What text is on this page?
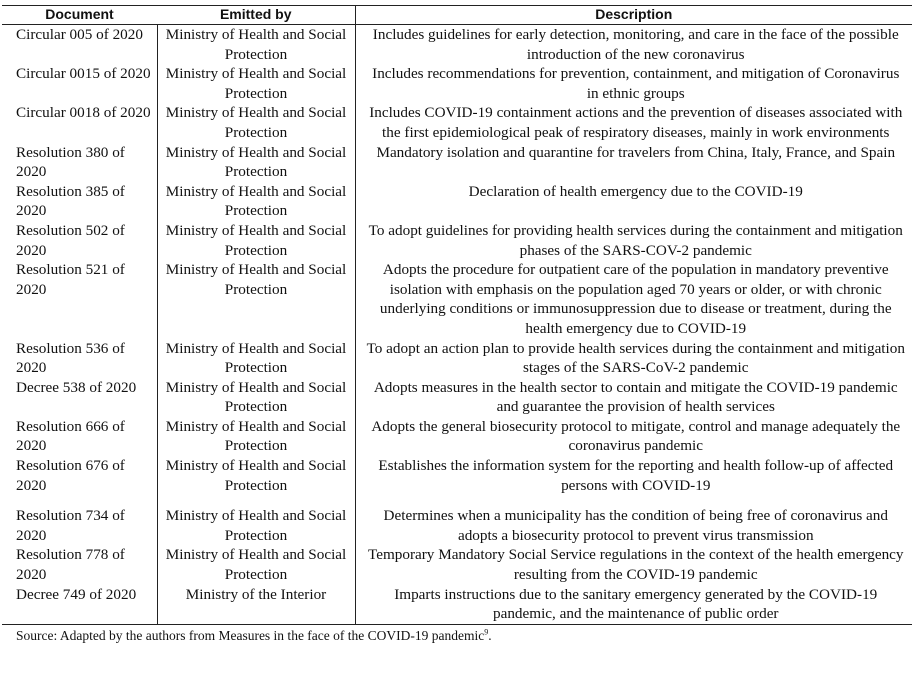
Document	Emitted by	Description
Circular 005 of 2020	Ministry of Health and Social Protection	Includes guidelines for early detection, monitoring, and care in the face of the possible introduction of the new coronavirus
Circular 0015 of 2020	Ministry of Health and Social Protection	Includes recommendations for prevention, containment, and mitigation of Coronavirus in ethnic groups
Circular 0018 of 2020	Ministry of Health and Social Protection	Includes COVID-19 containment actions and the prevention of diseases associated with the first epidemiological peak of respiratory diseases, mainly in work environments
Resolution 380 of 2020	Ministry of Health and Social Protection	Mandatory isolation and quarantine for travelers from China, Italy, France, and Spain
Resolution 385 of 2020	Ministry of Health and Social Protection	Declaration of health emergency due to the COVID-19
Resolution 502 of 2020	Ministry of Health and Social Protection	To adopt guidelines for providing health services during the containment and mitigation phases of the SARS-COV-2 pandemic
Resolution 521 of 2020	Ministry of Health and Social Protection	Adopts the procedure for outpatient care of the population in mandatory preventive isolation with emphasis on the population aged 70 years or older, or with chronic underlying conditions or immunosuppression due to disease or treatment, during the health emergency due to COVID-19
Resolution 536 of 2020	Ministry of Health and Social Protection	To adopt an action plan to provide health services during the containment and mitigation stages of the SARS-CoV-2 pandemic
Decree 538 of 2020	Ministry of Health and Social Protection	Adopts measures in the health sector to contain and mitigate the COVID-19 pandemic and guarantee the provision of health services
Resolution 666 of 2020	Ministry of Health and Social Protection	Adopts the general biosecurity protocol to mitigate, control and manage adequately the coronavirus pandemic
Resolution 676 of 2020	Ministry of Health and Social Protection	Establishes the information system for the reporting and health follow-up of affected persons with COVID-19
Resolution 734 of 2020	Ministry of Health and Social Protection	Determines when a municipality has the condition of being free of coronavirus and adopts a biosecurity protocol to prevent virus transmission
Resolution 778 of 2020	Ministry of Health and Social Protection	Temporary Mandatory Social Service regulations in the context of the health emergency resulting from the COVID-19 pandemic
Decree 749 of 2020	Ministry of the Interior	Imparts instructions due to the sanitary emergency generated by the COVID-19 pandemic, and the maintenance of public order
Source: Adapted by the authors from Measures in the face of the COVID-19 pandemic$^9$.
